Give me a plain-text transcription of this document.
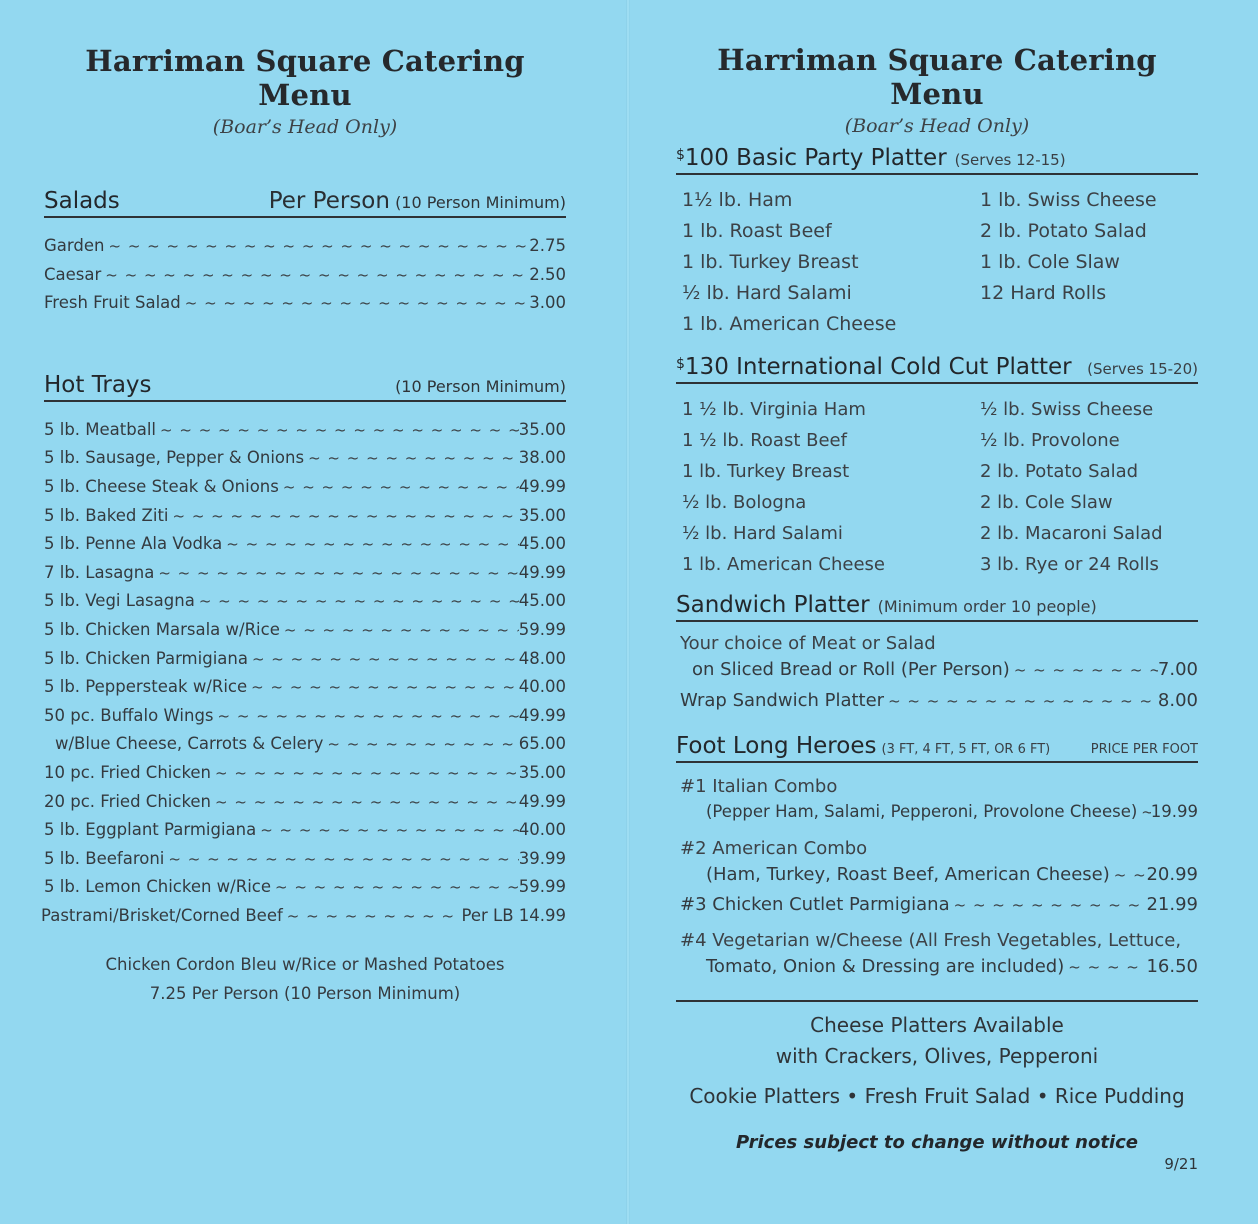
Harriman Square Catering Menu
(Boar’s Head Only)
Salads	Per Person (10 Person Minimum)
Garden ~ ~ ~	2.75
Caesar ~ ~ ~	2.50
Fresh Fruit Salad ~ ~ ~	3.00
Hot Trays	(10 Person Minimum)
5 lb. Meatball ~ ~ ~	35.00
5 lb. Sausage, Pepper & Onions ~ ~ ~	38.00
5 lb. Cheese Steak & Onions ~ ~ ~	49.99
5 lb. Baked Ziti ~ ~ ~	35.00
5 lb. Penne Ala Vodka ~ ~ ~	45.00
7 lb. Lasagna ~ ~ ~	49.99
5 lb. Vegi Lasagna ~ ~ ~	45.00
5 lb. Chicken Marsala w/Rice ~ ~ ~	59.99
5 lb. Chicken Parmigiana ~ ~ ~	48.00
5 lb. Peppersteak w/Rice ~ ~ ~	40.00
50 pc. Buffalo Wings ~ ~ ~	49.99
w/Blue Cheese, Carrots & Celery ~ ~ ~	65.00
10 pc. Fried Chicken ~ ~ ~	35.00
20 pc. Fried Chicken ~ ~ ~	49.99
5 lb. Eggplant Parmigiana ~ ~ ~	40.00
5 lb. Beefaroni ~ ~ ~	39.99
5 lb. Lemon Chicken w/Rice ~ ~ ~	59.99
Pastrami/Brisket/Corned Beef ~ ~ ~	Per LB 14.99
Chicken Cordon Bleu w/Rice or Mashed Potatoes
7.25 Per Person (10 Person Minimum)
Harriman Square Catering Menu
(Boar’s Head Only)
$100 Basic Party Platter (Serves 12-15)
1½ lb. Ham	1 lb. Swiss Cheese
1 lb. Roast Beef	2 lb. Potato Salad
1 lb. Turkey Breast	1 lb. Cole Slaw
½ lb. Hard Salami	12 Hard Rolls
1 lb. American Cheese
$130 International Cold Cut Platter (Serves 15-20)
1 ½ lb. Virginia Ham	½ lb. Swiss Cheese
1 ½ lb. Roast Beef	½ lb. Provolone
1 lb. Turkey Breast	2 lb. Potato Salad
½ lb. Bologna	2 lb. Cole Slaw
½ lb. Hard Salami	2 lb. Macaroni Salad
1 lb. American Cheese	3 lb. Rye or 24 Rolls
Sandwich Platter (Minimum order 10 people)
Your choice of Meat or Salad
on Sliced Bread or Roll (Per Person) ~ ~ ~	7.00
Wrap Sandwich Platter ~ ~ ~	8.00
Foot Long Heroes (3 FT, 4 FT, 5 FT, OR 6 FT)	PRICE PER FOOT
#1 Italian Combo
(Pepper Ham, Salami, Pepperoni, Provolone Cheese) ~ ~ ~ 19.99
#2 American Combo
(Ham, Turkey, Roast Beef, American Cheese) ~ ~ ~ 20.99
#3 Chicken Cutlet Parmigiana ~ ~ ~	21.99
#4 Vegetarian w/Cheese (All Fresh Vegetables, Lettuce,
Tomato, Onion & Dressing are included) ~ ~ ~	16.50
Cheese Platters Available
with Crackers, Olives, Pepperoni
Cookie Platters • Fresh Fruit Salad • Rice Pudding
Prices subject to change without notice
9/21
